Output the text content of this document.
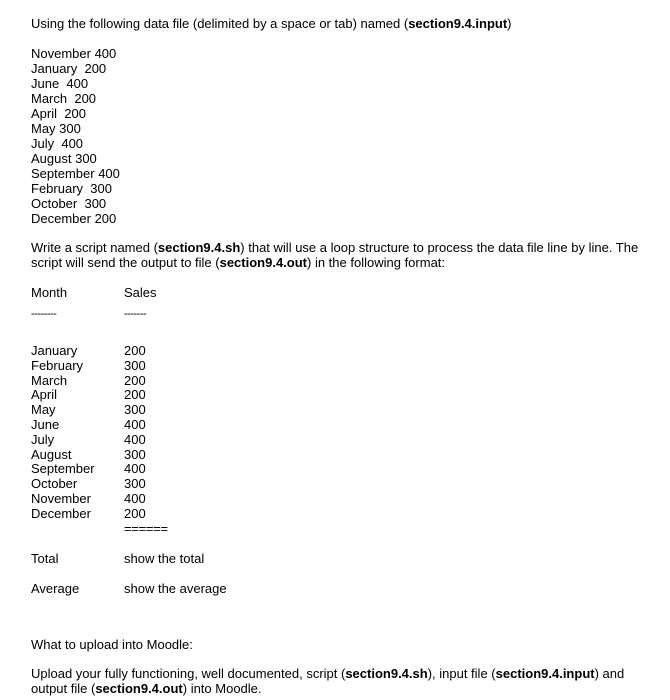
Using the following data file (delimited by a space or tab) named (section9.4.input)

November 400
January  200
June  400
March  200
April  200
May 300
July  400
August 300
September 400
February  300
October  300
December 200

Write a script named (section9.4.sh) that will use a loop structure to process the data file line by line. The script will send the output to file (section9.4.out) in the following format:

Month	Sales
--------	-------
January	200
February	300
March	200
April	200
May	300
June	400
July	400
August	300
September	400
October	300
November	400
December	200
======
Total	show the total
Average	show the average

What to upload into Moodle:

Upload your fully functioning, well documented, script (section9.4.sh), input file (section9.4.input) and output file (section9.4.out) into Moodle.
